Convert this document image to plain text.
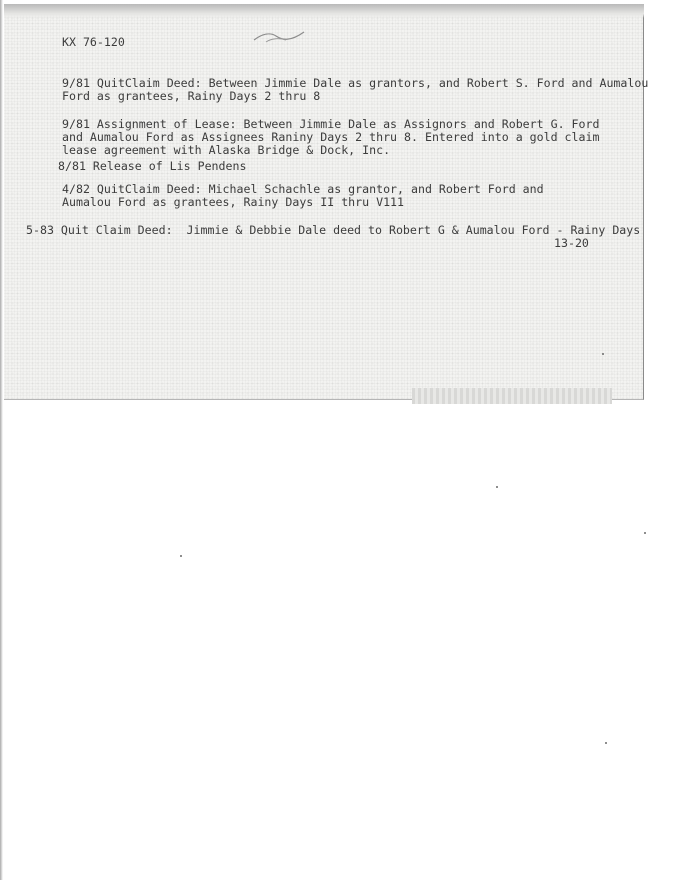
KX 76-120
9/81 QuitClaim Deed: Between Jimmie Dale as grantors, and Robert S. Ford and Aumalou
Ford as grantees, Rainy Days 2 thru 8
9/81 Assignment of Lease: Between Jimmie Dale as Assignors and Robert G. Ford
and Aumalou Ford as Assignees Raniny Days 2 thru 8. Entered into a gold claim
lease agreement with Alaska Bridge & Dock, Inc.
8/81 Release of Lis Pendens
4/82 QuitClaim Deed: Michael Schachle as grantor, and Robert Ford and
Aumalou Ford as grantees, Rainy Days II thru V111
5-83 Quit Claim Deed:  Jimmie & Debbie Dale deed to Robert G & Aumalou Ford - Rainy Days
13-20
